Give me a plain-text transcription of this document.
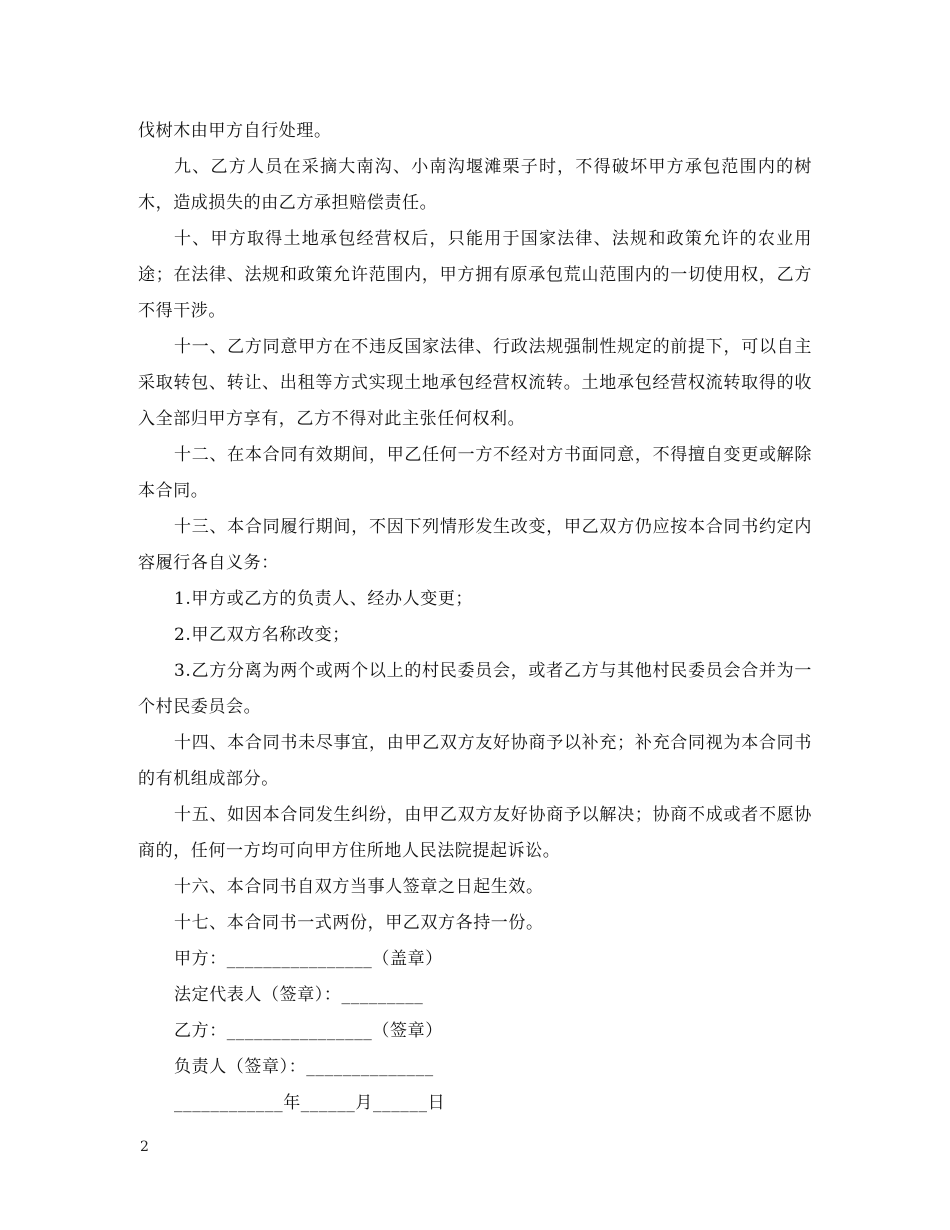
伐树木由甲方自行处理。

九、乙方人员在采摘大南沟、小南沟堰滩栗子时，不得破坏甲方承包范围内的树木，造成损失的由乙方承担赔偿责任。

十、甲方取得土地承包经营权后，只能用于国家法律、法规和政策允许的农业用途；在法律、法规和政策允许范围内，甲方拥有原承包荒山范围内的一切使用权，乙方不得干涉。

十一、乙方同意甲方在不违反国家法律、行政法规强制性规定的前提下，可以自主采取转包、转让、出租等方式实现土地承包经营权流转。土地承包经营权流转取得的收入全部归甲方享有，乙方不得对此主张任何权利。

十二、在本合同有效期间，甲乙任何一方不经对方书面同意，不得擅自变更或解除本合同。

十三、本合同履行期间，不因下列情形发生改变，甲乙双方仍应按本合同书约定内容履行各自义务：

1.甲方或乙方的负责人、经办人变更；

2.甲乙双方名称改变；

3.乙方分离为两个或两个以上的村民委员会，或者乙方与其他村民委员会合并为一个村民委员会。

十四、本合同书未尽事宜，由甲乙双方友好协商予以补充；补充合同视为本合同书的有机组成部分。

十五、如因本合同发生纠纷，由甲乙双方友好协商予以解决；协商不成或者不愿协商的，任何一方均可向甲方住所地人民法院提起诉讼。

十六、本合同书自双方当事人签章之日起生效。

十七、本合同书一式两份，甲乙双方各持一份。

甲方：________________（盖章）

法定代表人（签章）：_________

乙方：________________（签章）

负责人（签章）：______________

____________年______月______日

2
